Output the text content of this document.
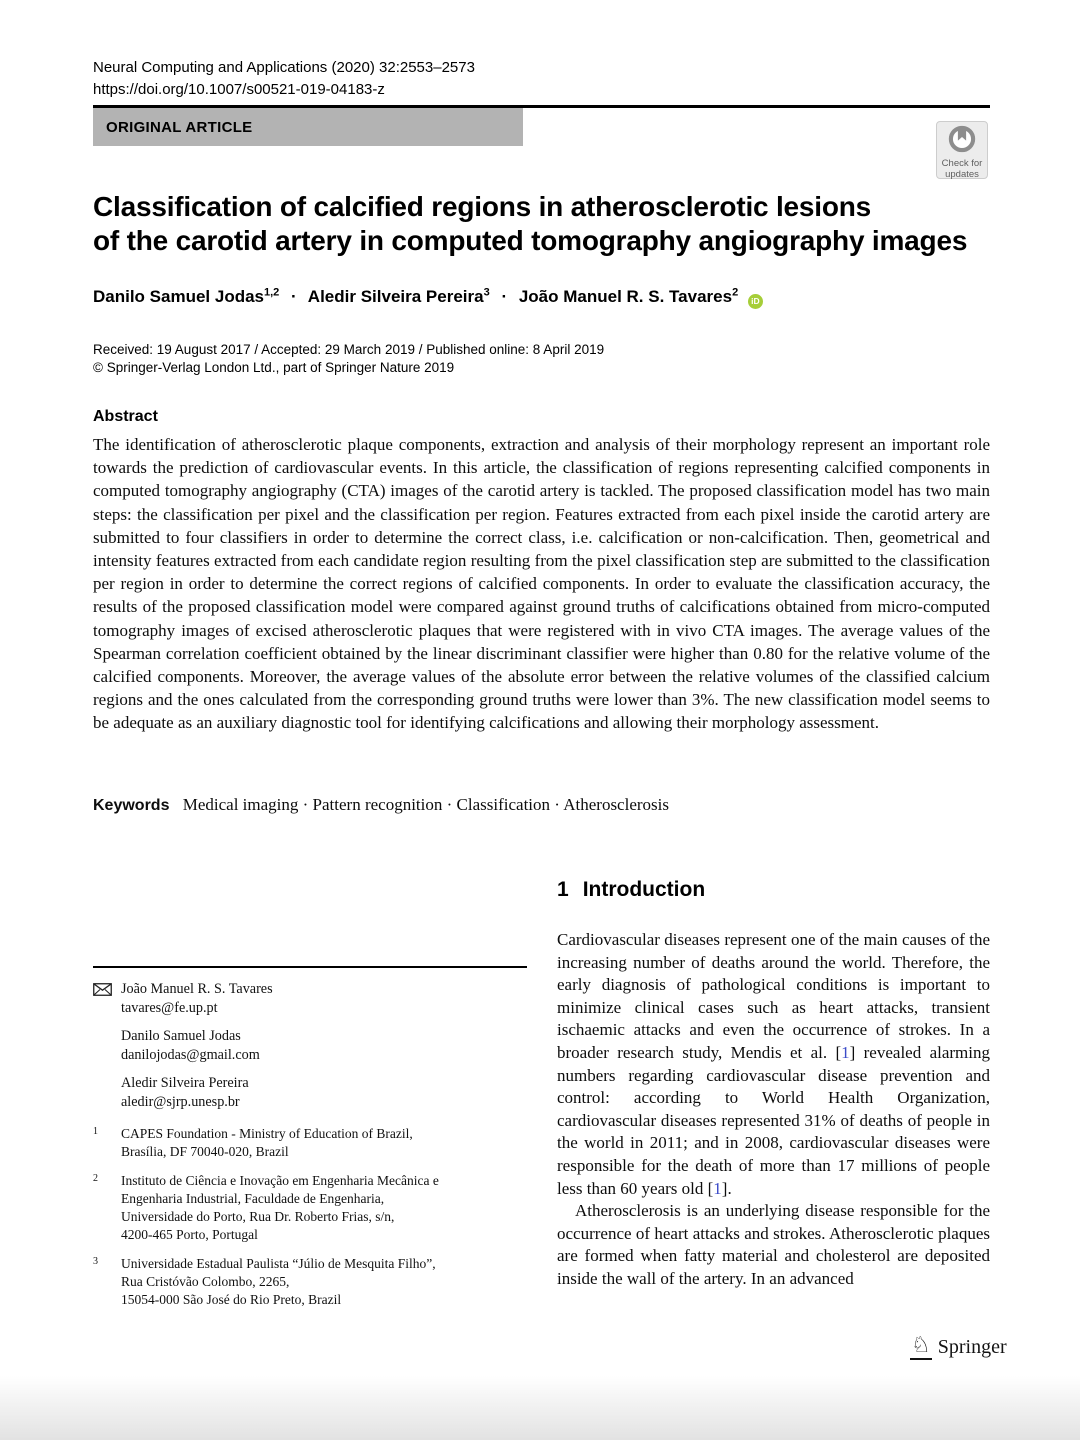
Neural Computing and Applications (2020) 32:2553–2573
https://doi.org/10.1007/s00521-019-04183-z
ORIGINAL ARTICLE
Check for
updates
Classification of calcified regions in atherosclerotic lesions
of the carotid artery in computed tomography angiography images
Danilo Samuel Jodas$^{1,2}$ · Aledir Silveira Pereira$^3$ · João Manuel R. S. Tavares$^2$ iD
Received: 19 August 2017 / Accepted: 29 March 2019 / Published online: 8 April 2019
© Springer-Verlag London Ltd., part of Springer Nature 2019
Abstract
The identification of atherosclerotic plaque components, extraction and analysis of their morphology represent an important role towards the prediction of cardiovascular events. In this article, the classification of regions representing calcified components in computed tomography angiography (CTA) images of the carotid artery is tackled. The proposed classification model has two main steps: the classification per pixel and the classification per region. Features extracted from each pixel inside the carotid artery are submitted to four classifiers in order to determine the correct class, i.e. calcification or non-calcification. Then, geometrical and intensity features extracted from each candidate region resulting from the pixel classification step are submitted to the classification per region in order to determine the correct regions of calcified components. In order to evaluate the classification accuracy, the results of the proposed classification model were compared against ground truths of calcifications obtained from micro-computed tomography images of excised atherosclerotic plaques that were registered with in vivo CTA images. The average values of the Spearman correlation coefficient obtained by the linear discriminant classifier were higher than 0.80 for the relative volume of the calcified components. Moreover, the average values of the absolute error between the relative volumes of the classified calcium regions and the ones calculated from the corresponding ground truths were lower than 3%. The new classification model seems to be adequate as an auxiliary diagnostic tool for identifying calcifications and allowing their morphology assessment.
Keywords Medical imaging · Pattern recognition · Classification · Atherosclerosis
João Manuel R. S. Tavares
tavares@fe.up.pt
Danilo Samuel Jodas
danilojodas@gmail.com
Aledir Silveira Pereira
aledir@sjrp.unesp.br
1	CAPES Foundation - Ministry of Education of Brazil,
Brasília, DF 70040-020, Brazil
2	Instituto de Ciência e Inovação em Engenharia Mecânica e
Engenharia Industrial, Faculdade de Engenharia,
Universidade do Porto, Rua Dr. Roberto Frias, s/n,
4200-465 Porto, Portugal
3	Universidade Estadual Paulista “Júlio de Mesquita Filho”,
Rua Cristóvão Colombo, 2265,
15054-000 São José do Rio Preto, Brazil
1 Introduction

Cardiovascular diseases represent one of the main causes of the increasing number of deaths around the world. Therefore, the early diagnosis of pathological conditions is important to minimize clinical cases such as heart attacks, transient ischaemic attacks and even the occurrence of strokes. In a broader research study, Mendis et al. [1] revealed alarming numbers regarding cardiovascular disease prevention and control: according to World Health Organization, cardiovascular diseases represented 31% of deaths of people in the world in 2011; and in 2008, cardiovascular diseases were responsible for the death of more than 17 millions of people less than 60 years old [1].

Atherosclerosis is an underlying disease responsible for the occurrence of heart attacks and strokes. Atherosclerotic plaques are formed when fatty material and cholesterol are deposited inside the wall of the artery. In an advanced

♘ Springer
